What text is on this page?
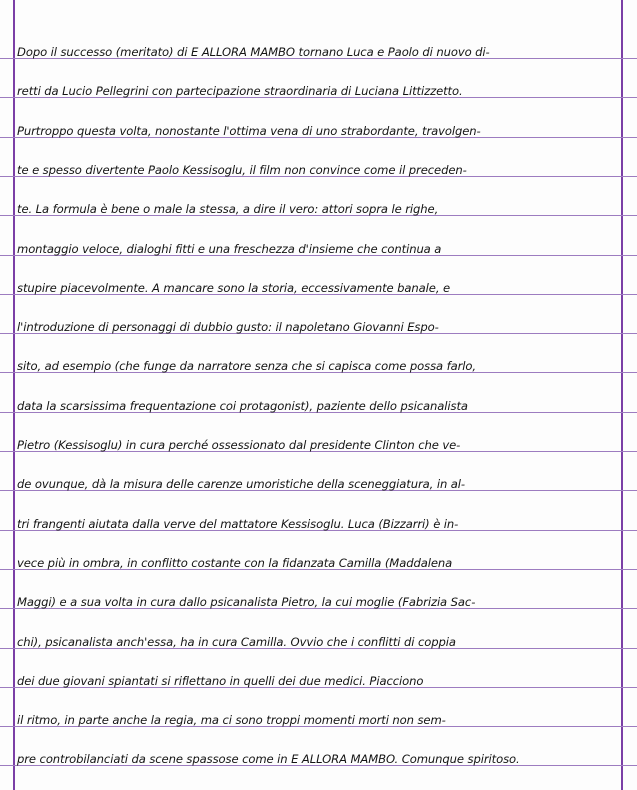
Dopo il successo (meritato) di E ALLORA MAMBO tornano Luca e Paolo di nuovo di-
retti da Lucio Pellegrini con partecipazione straordinaria di Luciana Littizzetto.
Purtroppo questa volta, nonostante l'ottima vena di uno strabordante, travolgen-
te e spesso divertente Paolo Kessisoglu, il film non convince come il preceden-
te. La formula è bene o male la stessa, a dire il vero: attori sopra le righe,
montaggio veloce, dialoghi fitti e una freschezza d'insieme che continua a
stupire piacevolmente. A mancare sono la storia, eccessivamente banale, e
l'introduzione di personaggi di dubbio gusto: il napoletano Giovanni Espo-
sito, ad esempio (che funge da narratore senza che si capisca come possa farlo,
data la scarsissima frequentazione coi protagonist), paziente dello psicanalista
Pietro (Kessisoglu) in cura perché ossessionato dal presidente Clinton che ve-
de ovunque, dà la misura delle carenze umoristiche della sceneggiatura, in al-
tri frangenti aiutata dalla verve del mattatore Kessisoglu. Luca (Bizzarri) è in-
vece più in ombra, in conflitto costante con la fidanzata Camilla (Maddalena
Maggi) e a sua volta in cura dallo psicanalista Pietro, la cui moglie (Fabrizia Sac-
chi), psicanalista anch'essa, ha in cura Camilla. Ovvio che i conflitti di coppia
dei due giovani spiantati si riflettano in quelli dei due medici. Piacciono
il ritmo, in parte anche la regia, ma ci sono troppi momenti morti non sem-
pre controbilanciati da scene spassose come in E ALLORA MAMBO. Comunque spiritoso.
